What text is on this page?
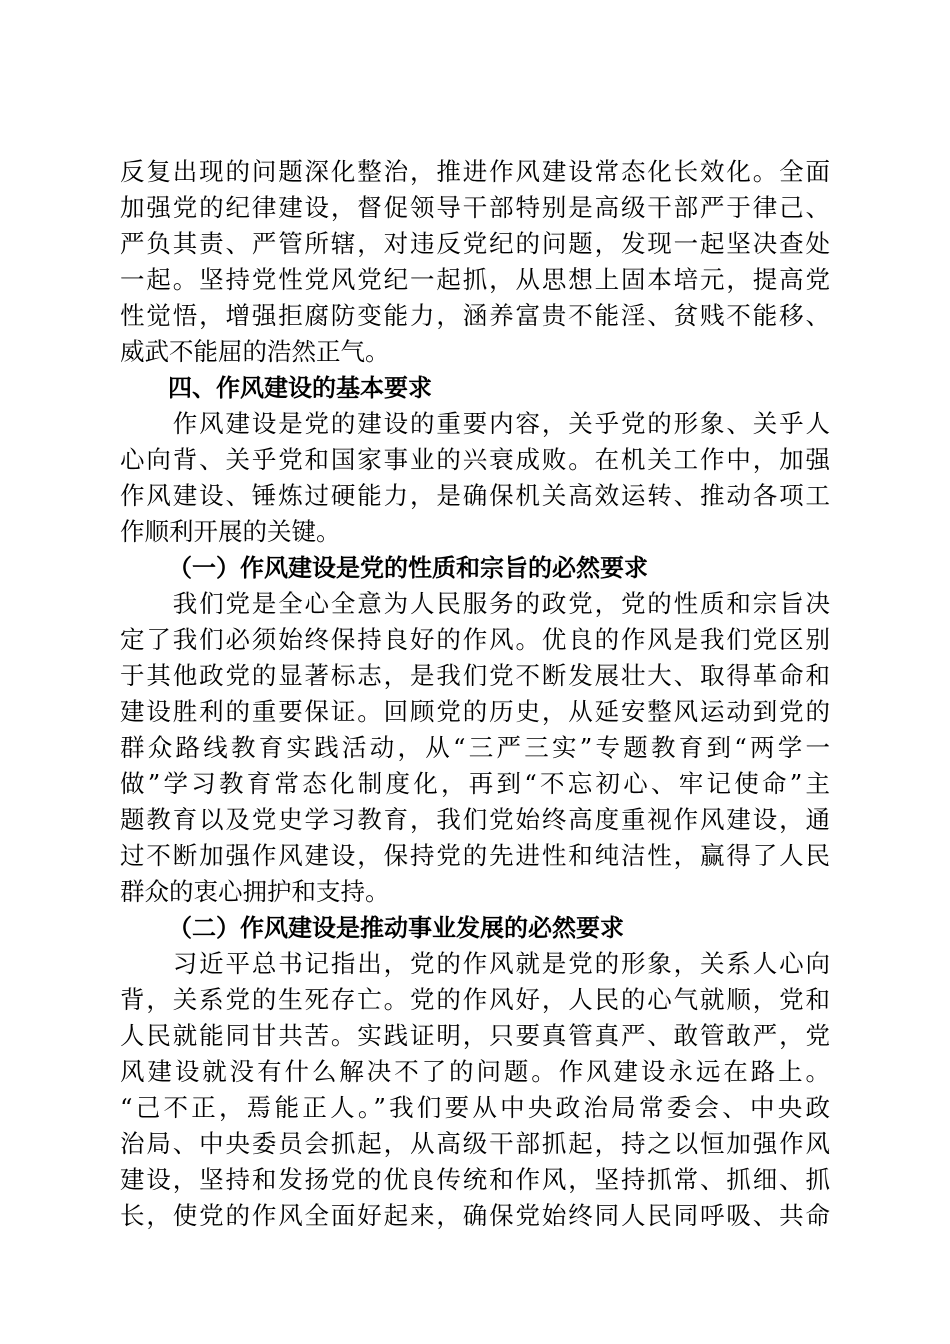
反复出现的问题深化整治，推进作风建设常态化长效化。全面
加强党的纪律建设，督促领导干部特别是高级干部严于律己、
严负其责、严管所辖，对违反党纪的问题，发现一起坚决查处
一起。坚持党性党风党纪一起抓，从思想上固本培元，提高党
性觉悟，增强拒腐防变能力，涵养富贵不能淫、贫贱不能移、
威武不能屈的浩然正气。
四、作风建设的基本要求
　　作风建设是党的建设的重要内容，关乎党的形象、关乎人
心向背、关乎党和国家事业的兴衰成败。在机关工作中，加强
作风建设、锤炼过硬能力，是确保机关高效运转、推动各项工
作顺利开展的关键。
（一）作风建设是党的性质和宗旨的必然要求
　　我们党是全心全意为人民服务的政党，党的性质和宗旨决
定了我们必须始终保持良好的作风。优良的作风是我们党区别
于其他政党的显著标志，是我们党不断发展壮大、取得革命和
建设胜利的重要保证。回顾党的历史，从延安整风运动到党的
群众路线教育实践活动，从“三严三实”专题教育到“两学一
做”学习教育常态化制度化，再到“不忘初心、牢记使命”主
题教育以及党史学习教育，我们党始终高度重视作风建设，通
过不断加强作风建设，保持党的先进性和纯洁性，赢得了人民
群众的衷心拥护和支持。
（二）作风建设是推动事业发展的必然要求
　　习近平总书记指出，党的作风就是党的形象，关系人心向
背，关系党的生死存亡。党的作风好，人民的心气就顺，党和
人民就能同甘共苦。实践证明，只要真管真严、敢管敢严，党
风建设就没有什么解决不了的问题。作风建设永远在路上。
“己不正，焉能正人。”我们要从中央政治局常委会、中央政
治局、中央委员会抓起，从高级干部抓起，持之以恒加强作风
建设，坚持和发扬党的优良传统和作风，坚持抓常、抓细、抓
长，使党的作风全面好起来，确保党始终同人民同呼吸、共命
